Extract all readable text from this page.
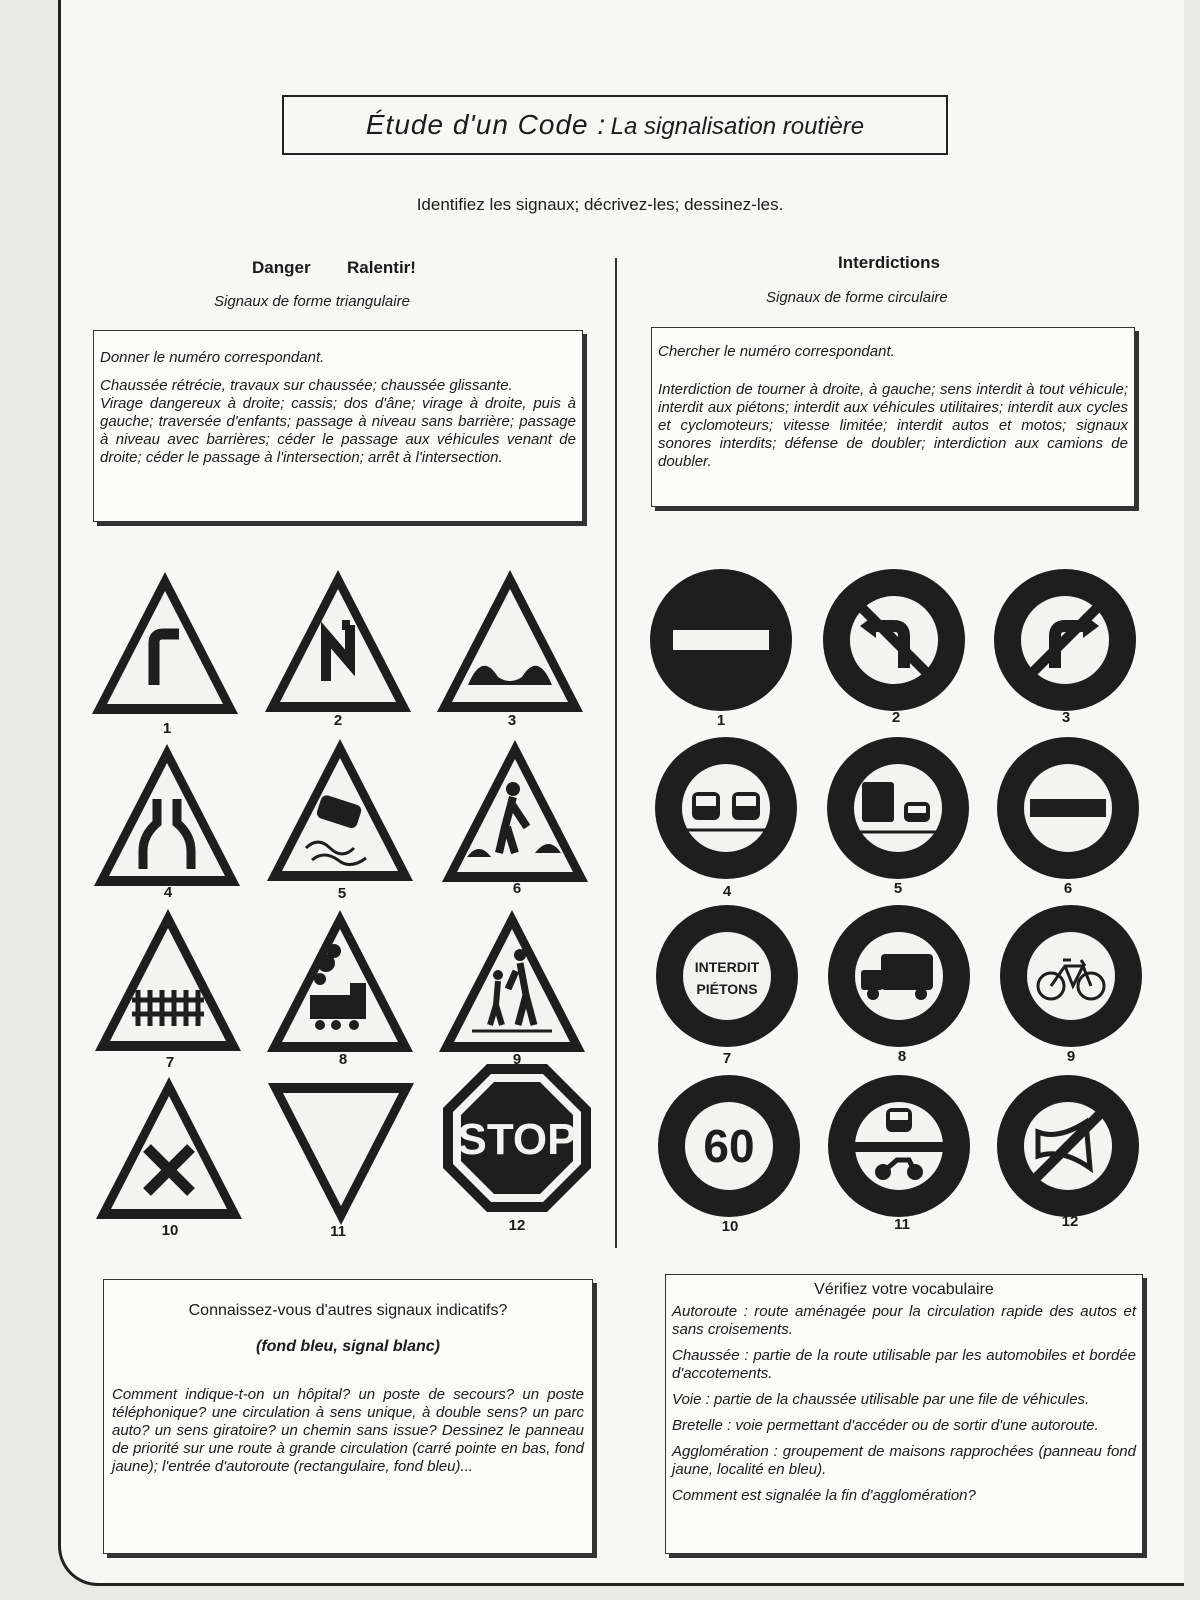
Étude d'un Code : La signalisation routière
Identifiez les signaux; décrivez-les; dessinez-les.
Danger Ralentir!
Signaux de forme triangulaire
Interdictions
Signaux de forme circulaire

Donner le numéro correspondant.

Chaussée rétrécie, travaux sur chaussée; chaussée glissante.

Virage dangereux à droite; cassis; dos d'âne; virage à droite, puis à gauche; traversée d'enfants; passage à niveau sans barrière; passage à niveau avec barrières; céder le passage aux véhicules venant de droite; céder le passage à l'intersection; arrêt à l'intersection.

Chercher le numéro correspondant.

Interdiction de tourner à droite, à gauche; sens interdit à tout véhicule; interdit aux piétons; interdit aux véhicules utilitaires; interdit aux cycles et cyclomoteurs; vitesse limitée; interdit autos et motos; signaux sonores interdits; défense de doubler; interdiction aux camions de doubler.

STOP
1	2	3
4	5	6
7	8	9
10	11	12
INTERDIT
PIÉTONS
60
1	2	3
4	5	6
7	8	9
10	11	12

Connaissez-vous d'autres signaux indicatifs?

(fond bleu, signal blanc)

Comment indique-t-on un hôpital? un poste de secours? un poste téléphonique? une circulation à sens unique, à double sens? un parc auto? un sens giratoire? un chemin sans issue? Dessinez le panneau de priorité sur une route à grande circulation (carré pointe en bas, fond jaune); l'entrée d'autoroute (rectangulaire, fond bleu)...

Vérifiez votre vocabulaire

Autoroute : route aménagée pour la circulation rapide des autos et sans croisements.

Chaussée : partie de la route utilisable par les automobiles et bordée d'accotements.

Voie : partie de la chaussée utilisable par une file de véhicules.

Bretelle : voie permettant d'accéder ou de sortir d'une autoroute.

Agglomération : groupement de maisons rapprochées (panneau fond jaune, localité en bleu).

Comment est signalée la fin d'agglomération?
